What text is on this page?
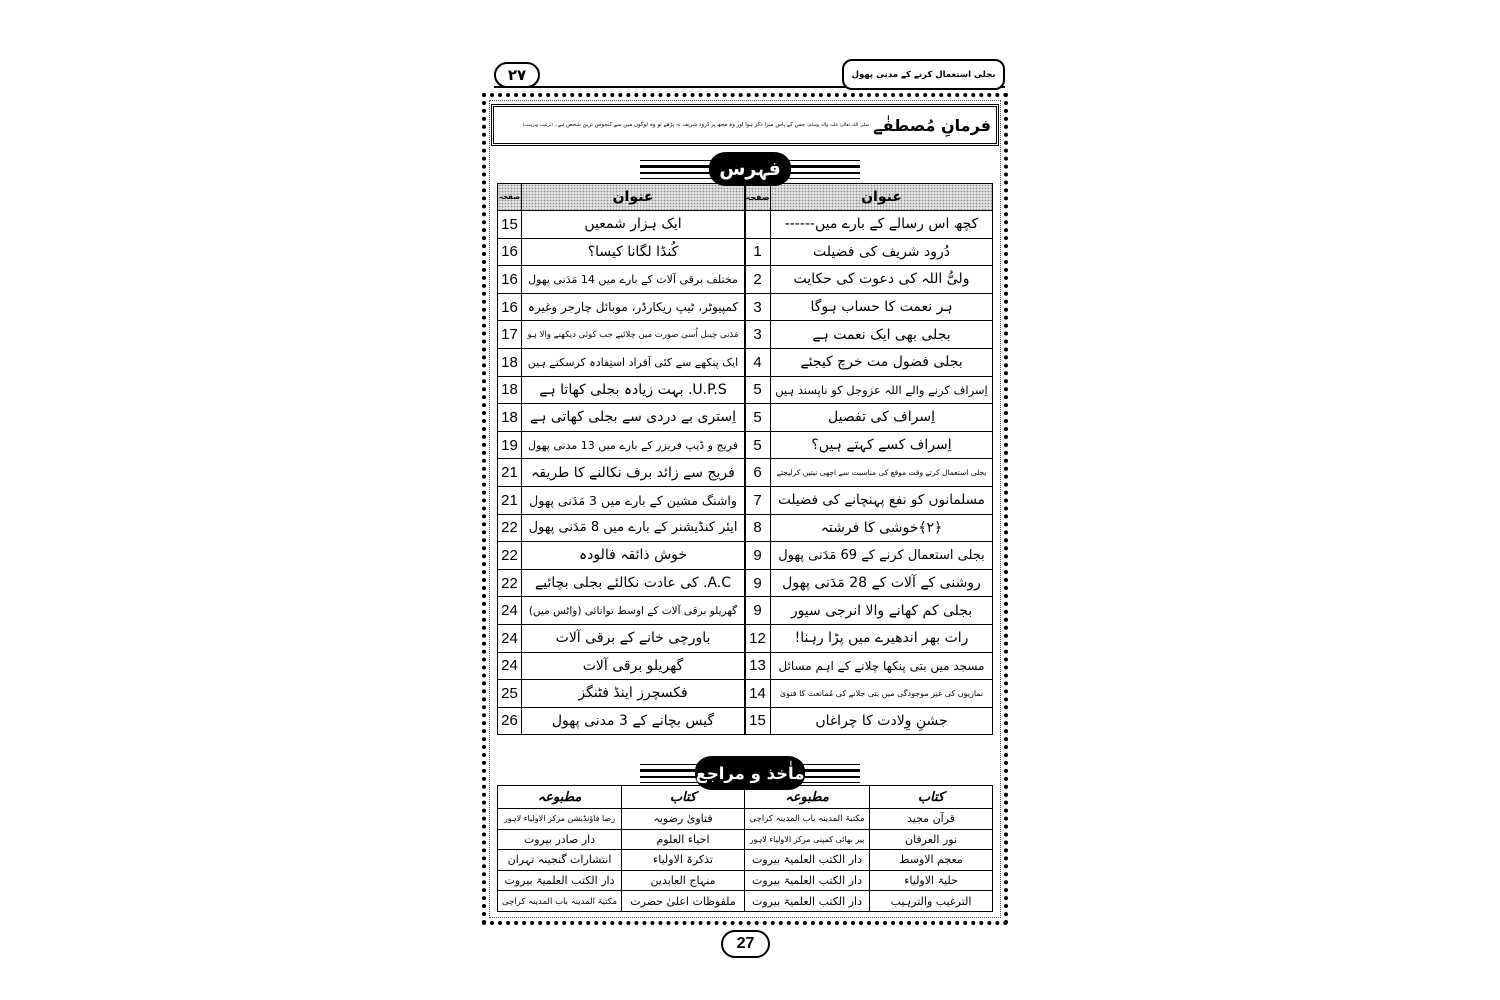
۲۷	بجلی استعمال کرنے کے مدنی پھول
فرمانِ مُصطفٰے
صلی اللہ تعالیٰ علیہ واٰلہ وسلم: جس کے پاس میرا ذکر ہوا اور وہ مجھ پر دُرود شریف نہ پڑھے تو وہ لوگوں میں سے کنجوس ترین شخص ہے۔ (ترغیب وترہیب)
فہرس
عنوان
صفحہ
عنوان
صفحہ
کچھ اس رسالے کے بارے میں------
ایک ہزار شمعیں
15
دُرود شریف کی فضیلت
1
کُنڈا لگانا کیسا؟
16
ولیُّ اللہ کی دعوت کی حکایت
2
مختلف برقی آلات کے بارے میں 14 مَدَنی پھول
16
ہر نعمت کا حساب ہوگا
3
کمپیوٹر، ٹیپ ریکارڈر، موبائل چارجر وغیرہ
16
بجلی بھی ایک نعمت ہے
3
مَدَنی چینل اُسی صورت میں چلائیے جب کوئی دیکھنے والا ہو
17
بجلی فضول مت خرچ کیجئے
4
ایک پنکھے سے کئی اَفراد استِفادہ کرسکتے ہیں
18
اِسراف کرنے والے اللہ عزوجل کو ناپسند ہیں
5
U.P.S. بہت زیادہ بجلی کھاتا ہے
18
اِسراف کی تفصیل
5
اِستری بے دردی سے بجلی کھاتی ہے
18
اِسراف کسے کہتے ہیں؟
5
فریج و ڈیپ فریزر کے بارے میں 13 مدنی پھول
19
بجلی استعمال کرتے وقت موقع کی مناسبت سے اچھی نیتیں کرلیجئے
6
فریج سے زائد برف نکالنے کا طریقہ
21
مسلمانوں کو نفع پہنچانے کی فضیلت
7
واشنگ مشین کے بارے میں 3 مَدَنی پھول
21
﴿۲﴾خوشی کا فرشتہ
8
ایئر کنڈیشنر کے بارے میں 8 مَدَنی پھول
22
بجلی استعمال کرنے کے 69 مَدَنی پھول
9
خوش ذائقہ فالودہ
22
روشنی کے آلات کے 28 مَدَنی پھول
9
A.C. کی عادت نکالئے بجلی بچائیے
22
بجلی کم کھانے والا انرجی سیور
9
گھریلو برقی آلات کے اوسط توانائی (واٹس میں)
24
رات بھر اندھیرے میں پڑا رہنا!
12
باورچی خانے کے برقی آلات
24
مسجد میں بتی پنکھا چلانے کے اہم مسائل
13
گھریلو برقی آلات
24
نمازیوں کی غیر موجودگی میں بتی جلانے کی مُمانعت کا فتویٰ
14
فکسچرز اینڈ فٹنگز
25
جشنِ وِلادت کا چراغاں
15
گیس بچانے کے 3 مدنی پھول
26
ماٰخذ و مراجع
کتاب
مطبوعہ
کتاب
مطبوعہ
قرآن مجید
مکتبۃ المدینہ باب المدینہ کراچی
فتاویٰ رضویہ
رضا فاؤنڈیشن مرکز الاولیاء لاہور
نور العرفان
پیر بھائی کمپنی مرکز الاولیاء لاہور
احیاء العلوم
دار صادر بیروت
معجم الاوسط
دار الکتب العلمیۃ بیروت
تذکرۃ الاولیاء
انتشارات گنجینہ تہران
حلیۃ الاولیاء
دار الکتب العلمیۃ بیروت
منہاج العابدین
دار الکتب العلمیۃ بیروت
الترغیب والترہیب
دار الکتب العلمیۃ بیروت
ملفوظات اعلیٰ حضرت
مکتبۃ المدینہ باب المدینہ کراچی
27
